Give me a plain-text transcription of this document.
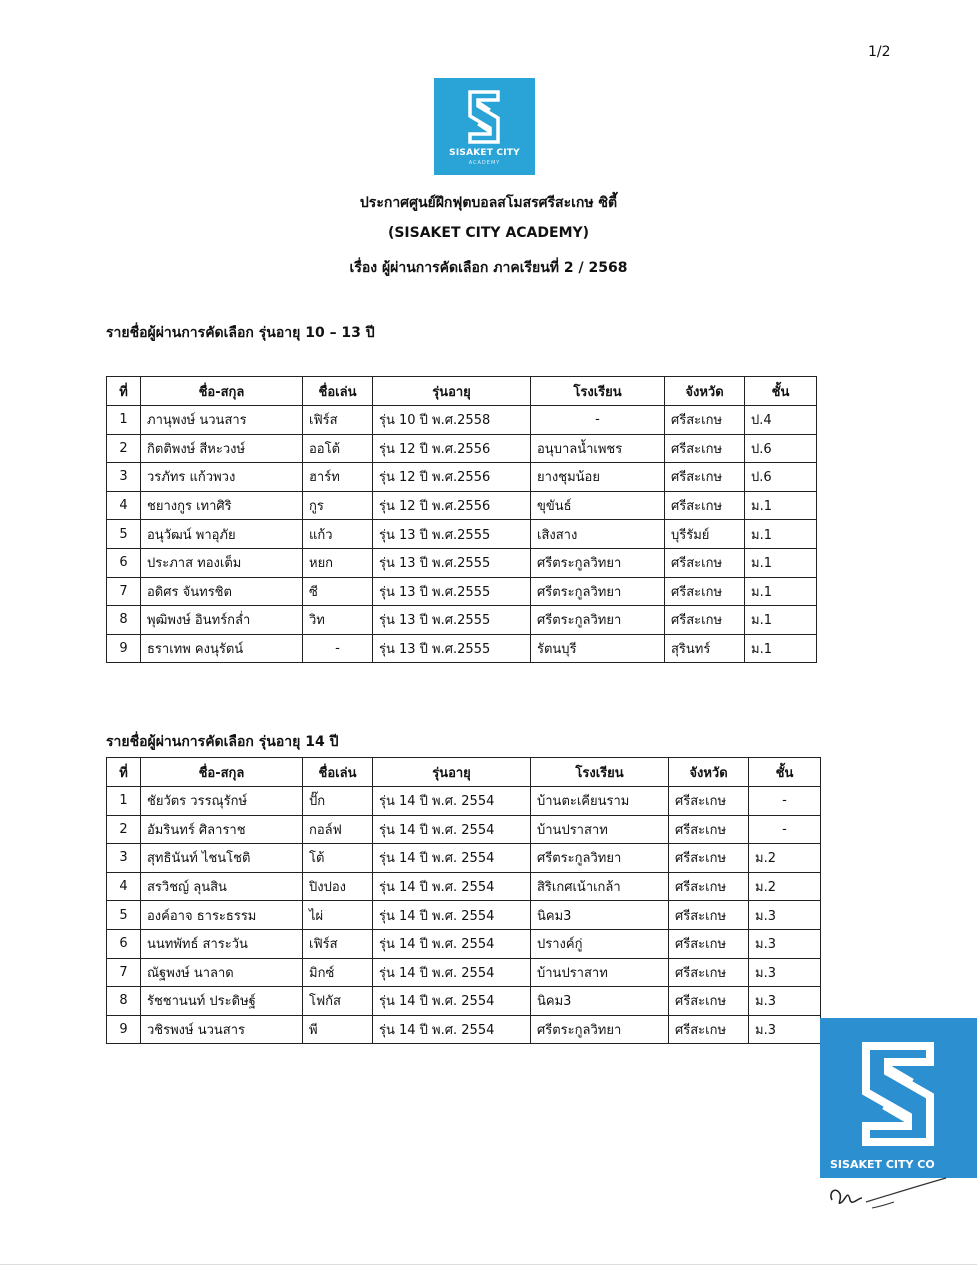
1/2
SISAKET CITY
ACADEMY
ประกาศศูนย์ฝึกฟุตบอลสโมสรศรีสะเกษ ซิตี้
(SISAKET CITY ACADEMY)
เรื่อง ผู้ผ่านการคัดเลือก ภาคเรียนที่ 2 / 2568
รายชื่อผู้ผ่านการคัดเลือก รุ่นอายุ 10 – 13 ปี
ที่	ชื่อ-สกุล	ชื่อเล่น	รุ่นอายุ	โรงเรียน	จังหวัด	ชั้น
1	ภานุพงษ์ นวนสาร	เฟิร์ส	รุ่น 10 ปี พ.ศ.2558	-	ศรีสะเกษ	ป.4
2	กิตติพงษ์ สีหะวงษ์	ออโต้	รุ่น 12 ปี พ.ศ.2556	อนุบาลน้ำเพชร	ศรีสะเกษ	ป.6
3	วรภัทร แก้วพวง	ฮาร์ท	รุ่น 12 ปี พ.ศ.2556	ยางชุมน้อย	ศรีสะเกษ	ป.6
4	ชยางกูร เทาศิริ	กูร	รุ่น 12 ปี พ.ศ.2556	ขุขันธ์	ศรีสะเกษ	ม.1
5	อนุวัฒน์ พาอุภัย	แก้ว	รุ่น 13 ปี พ.ศ.2555	เสิงสาง	บุรีรัมย์	ม.1
6	ประภาส ทองเต็ม	หยก	รุ่น 13 ปี พ.ศ.2555	ศรีตระกูลวิทยา	ศรีสะเกษ	ม.1
7	อดิศร จันทรชิต	ซี	รุ่น 13 ปี พ.ศ.2555	ศรีตระกูลวิทยา	ศรีสะเกษ	ม.1
8	พุฒิพงษ์ อินทร์กล่ำ	วิท	รุ่น 13 ปี พ.ศ.2555	ศรีตระกูลวิทยา	ศรีสะเกษ	ม.1
9	ธราเทพ คงนุรัตน์	-	รุ่น 13 ปี พ.ศ.2555	รัตนบุรี	สุรินทร์	ม.1
รายชื่อผู้ผ่านการคัดเลือก รุ่นอายุ 14 ปี
ที่	ชื่อ-สกุล	ชื่อเล่น	รุ่นอายุ	โรงเรียน	จังหวัด	ชั้น
1	ชัยวัตร วรรณุรักษ์	ปั๊ก	รุ่น 14 ปี พ.ศ. 2554	บ้านตะเคียนราม	ศรีสะเกษ	-
2	อัมรินทร์ ศิลาราช	กอล์ฟ	รุ่น 14 ปี พ.ศ. 2554	บ้านปราสาท	ศรีสะเกษ	-
3	สุทธินันท์ ไชนโชติ	โต้	รุ่น 14 ปี พ.ศ. 2554	ศรีตระกูลวิทยา	ศรีสะเกษ	ม.2
4	สรวิชญ์ ลุนสิน	ปิงปอง	รุ่น 14 ปี พ.ศ. 2554	สิริเกศเน้าเกล้า	ศรีสะเกษ	ม.2
5	องค์อาจ ธาระธรรม	ไผ่	รุ่น 14 ปี พ.ศ. 2554	นิคม3	ศรีสะเกษ	ม.3
6	นนทพัทธ์ สาระวัน	เฟิร์ส	รุ่น 14 ปี พ.ศ. 2554	ปรางค์กู่	ศรีสะเกษ	ม.3
7	ณัฐพงษ์ นาลาด	มิกซ์	รุ่น 14 ปี พ.ศ. 2554	บ้านปราสาท	ศรีสะเกษ	ม.3
8	รัชชานนท์ ประดิษฐ์	โฟกัส	รุ่น 14 ปี พ.ศ. 2554	นิคม3	ศรีสะเกษ	ม.3
9	วชิรพงษ์ นวนสาร	พี	รุ่น 14 ปี พ.ศ. 2554	ศรีตระกูลวิทยา	ศรีสะเกษ	ม.3
SISAKET CITY CO
